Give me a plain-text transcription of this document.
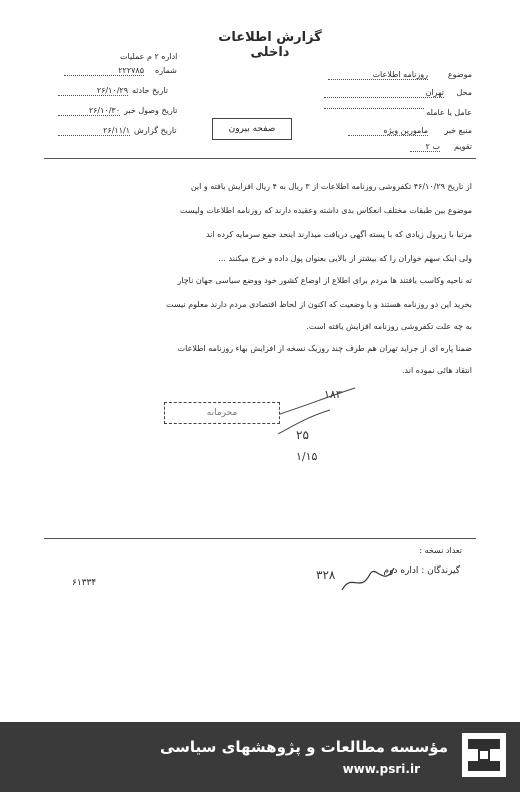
گزارش اطلاعات داخلی
اداره ۲ م عملیات
شماره
۲۲۲۷۸۵
تاریخ حادثه
۲۶/۱۰/۲۹
تاریخ وصول خبر
۲۶/۱۰/۳۰
تاریخ گزارش
۲۶/۱۱/۱	صفحه بیرون
موضوع
روزنامه اطلاعات
محل
تهران
عامل یا عامله
منبع خبر
مامورین ویژه
تقویم
ب ۲
از تاریخ ۴۶/۱۰/۲۹ تکفروشی روزنامه اطلاعات از ۳ ریال به ۴ ریال افزایش یافته و این
موضوع بین طبقات مختلف انعکاس بدی داشته وعقیده دارند که روزنامه اطلاعات ولیست
مرتباً با زیرول زیادی که با پسته آگهی دریافت میدارند اینحد جمع سرمایه کرده اند
ولی اینک سهم خواران را که بیشتر از بالایی بعنوان پول داده و خرج میکنند ...
ته ناحیه وکاسب یافتند ها مردم برای اطلاع از اوضاع کشور خود ووضع سیاسی جهان ناچار
بخرید این دو روزنامه هستند و با وضعیت که اکنون از لحاظ اقتصادی مردم دارند معلوم نیست
به چه علت تکفروشی روزنامه افزایش یافته است.
ضمناً پاره ای از جراید تهران هم طرف چند روزیک نسخه از افزایش بهاء روزنامه اطلاعات
انتقاد هائی نموده اند.
محرمانه
۱۸۳
۲۵
۱/۱۵
تعداد نسخه :
گیرندگان : اداره دوم
۶۱۳۳۴
۳۲۸
مؤسسه مطالعات و پژوهشهای سیاسی
www.psri.ir
